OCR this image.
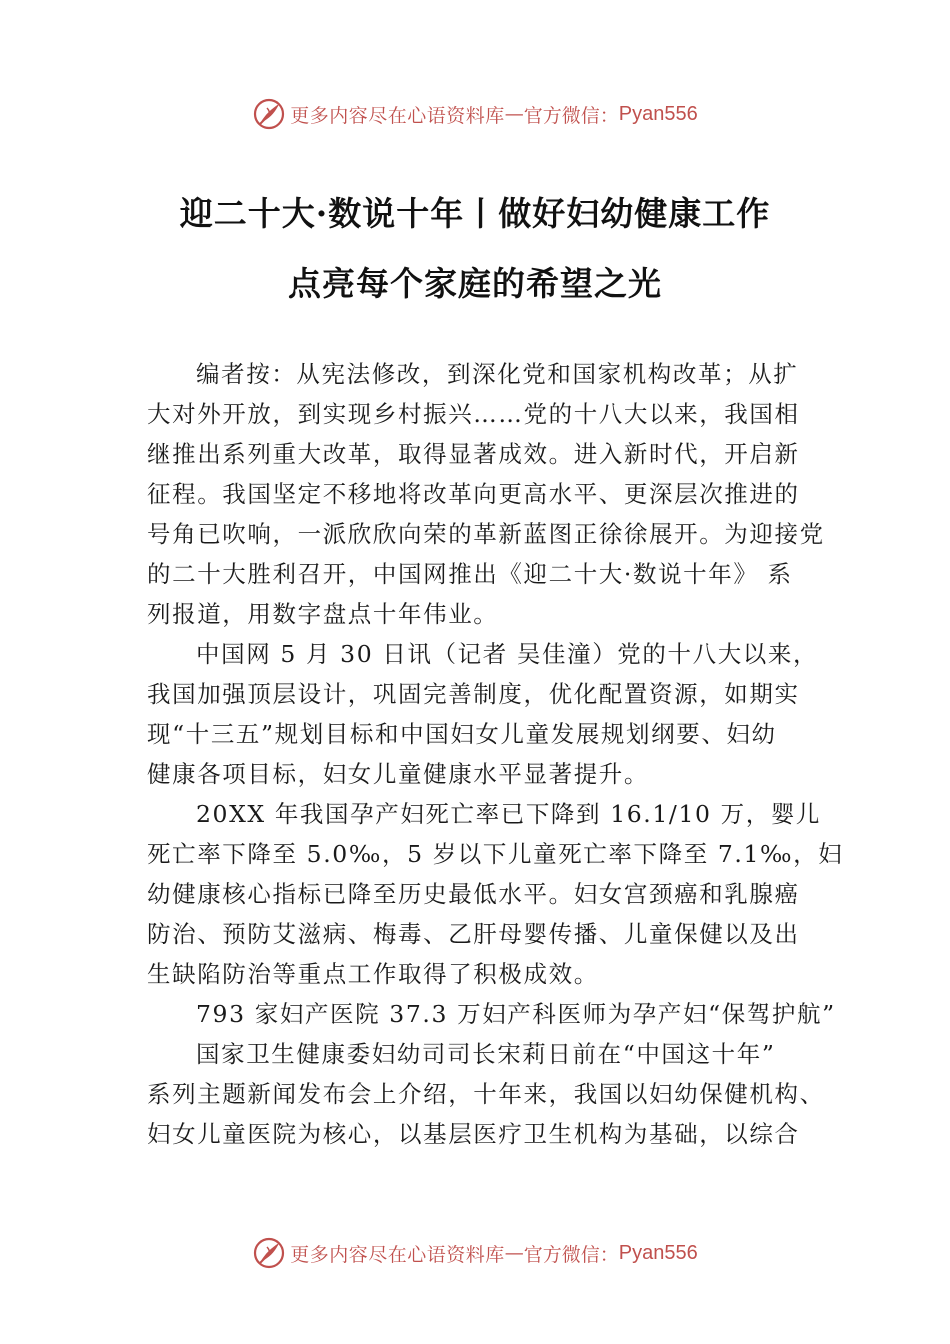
更多内容尽在心语资料库 — 官方微信： Pyan556
迎二十大·数说十年丨做好妇幼健康工作
点亮每个家庭的希望之光
编者按：从宪法修改，到深化党和国家机构改革；从扩
大对外开放，到实现乡村振兴……党的十八大以来，我国相
继推出系列重大改革，取得显著成效。进入新时代，开启新
征程。我国坚定不移地将改革向更高水平、更深层次推进的
号角已吹响，一派欣欣向荣的革新蓝图正徐徐展开。为迎接党
的二十大胜利召开，中国网推出《迎二十大·数说十年》 系
列报道，用数字盘点十年伟业。
中国网 5 月 30 日讯（记者 吴佳潼）党的十八大以来，
我国加强顶层设计，巩固完善制度，优化配置资源，如期实
现“十三五”规划目标和中国妇女儿童发展规划纲要、妇幼
健康各项目标，妇女儿童健康水平显著提升。
20XX 年我国孕产妇死亡率已下降到 16.1/10 万，婴儿
死亡率下降至 5.0‰，5 岁以下儿童死亡率下降至 7.1‰，妇
幼健康核心指标已降至历史最低水平。妇女宫颈癌和乳腺癌
防治、预防艾滋病、梅毒、乙肝母婴传播、儿童保健以及出
生缺陷防治等重点工作取得了积极成效。
793 家妇产医院 37.3 万妇产科医师为孕产妇“保驾护航”
国家卫生健康委妇幼司司长宋莉日前在“中国这十年”
系列主题新闻发布会上介绍，十年来，我国以妇幼保健机构、
妇女儿童医院为核心，以基层医疗卫生机构为基础，以综合
更多内容尽在心语资料库 — 官方微信： Pyan556
